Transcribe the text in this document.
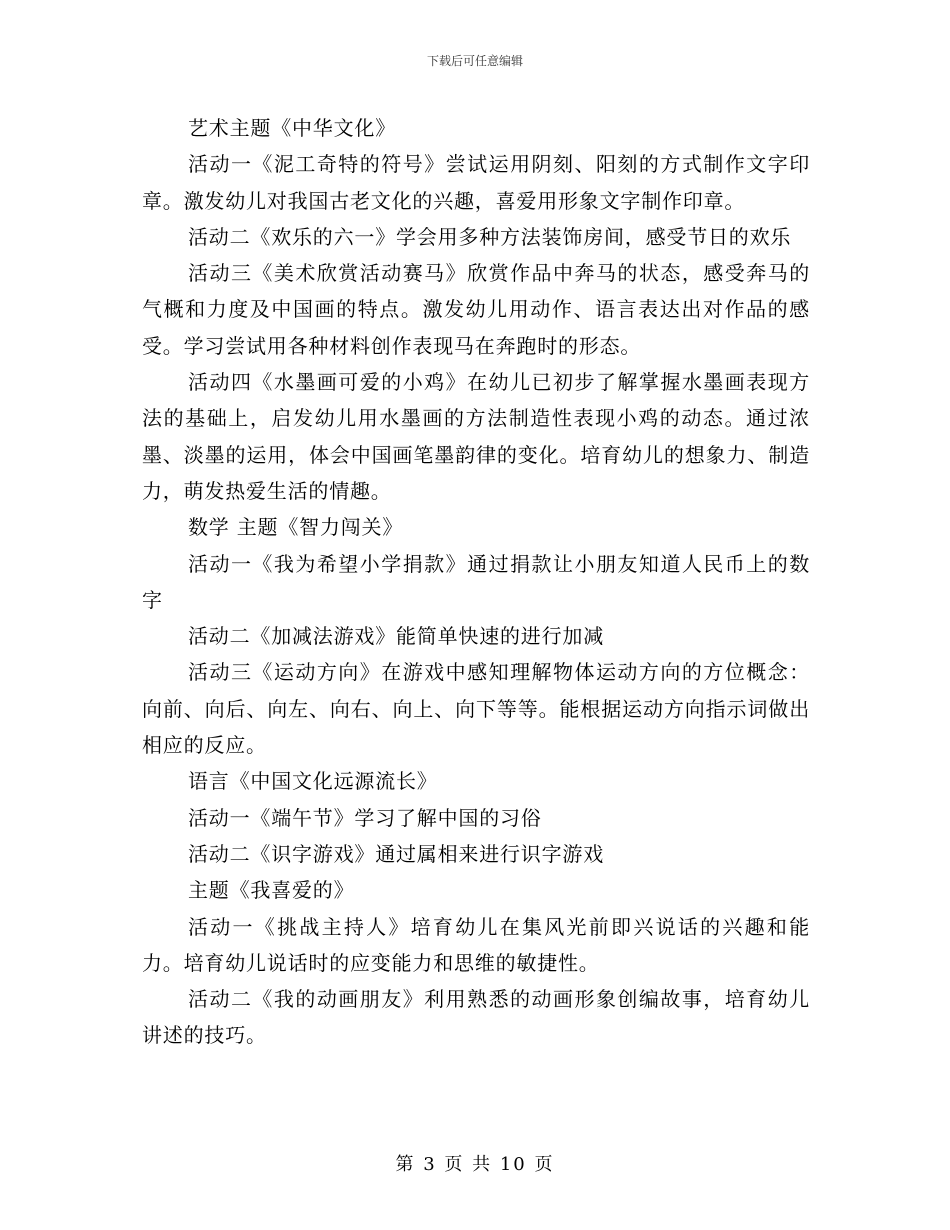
下载后可任意编辑

艺术主题《中华文化》

活动一《泥工奇特的符号》尝试运用阴刻、阳刻的方式制作文字印章。激发幼儿对我国古老文化的兴趣，喜爱用形象文字制作印章。

活动二《欢乐的六一》学会用多种方法装饰房间，感受节日的欢乐

活动三《美术欣赏活动赛马》欣赏作品中奔马的状态，感受奔马的气概和力度及中国画的特点。激发幼儿用动作、语言表达出对作品的感受。学习尝试用各种材料创作表现马在奔跑时的形态。

活动四《水墨画可爱的小鸡》在幼儿已初步了解掌握水墨画表现方法的基础上，启发幼儿用水墨画的方法制造性表现小鸡的动态。通过浓墨、淡墨的运用，体会中国画笔墨韵律的变化。培育幼儿的想象力、制造力，萌发热爱生活的情趣。

数学 主题《智力闯关》

活动一《我为希望小学捐款》通过捐款让小朋友知道人民币上的数字

活动二《加减法游戏》能简单快速的进行加减

活动三《运动方向》在游戏中感知理解物体运动方向的方位概念：向前、向后、向左、向右、向上、向下等等。能根据运动方向指示词做出相应的反应。

语言《中国文化远源流长》

活动一《端午节》学习了解中国的习俗

活动二《识字游戏》通过属相来进行识字游戏

主题《我喜爱的》

活动一《挑战主持人》培育幼儿在集风光前即兴说话的兴趣和能力。培育幼儿说话时的应变能力和思维的敏捷性。

活动二《我的动画朋友》利用熟悉的动画形象创编故事，培育幼儿讲述的技巧。

第 3 页 共 10 页
